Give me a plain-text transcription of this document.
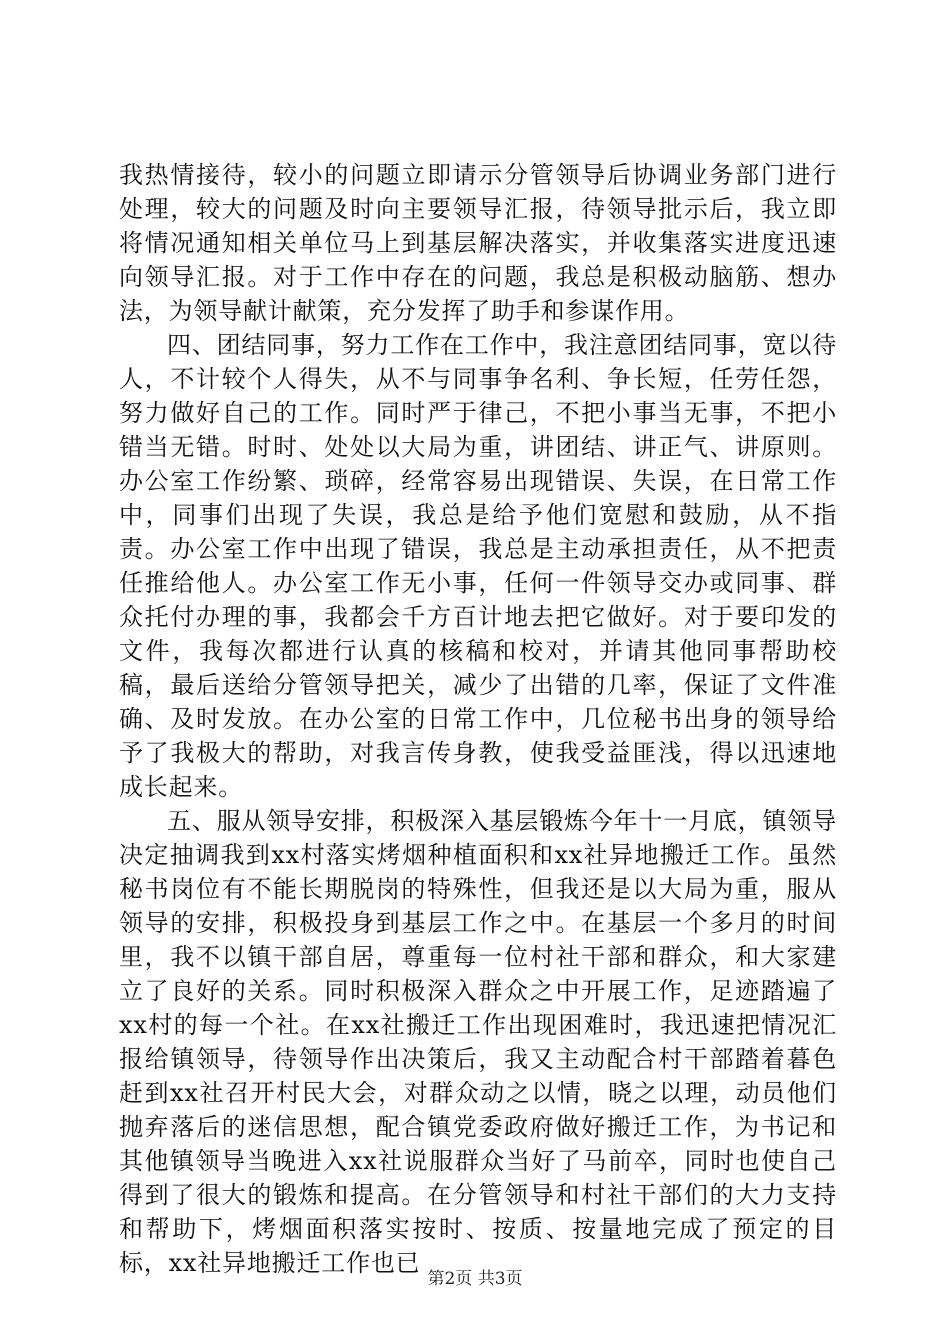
我热情接待，较小的问题立即请示分管领导后协调业务部门进行处理，较大的问题及时向主要领导汇报，待领导批示后，我立即将情况通知相关单位马上到基层解决落实，并收集落实进度迅速向领导汇报。对于工作中存在的问题，我总是积极动脑筋、想办法，为领导献计献策，充分发挥了助手和参谋作用。

四、团结同事，努力工作在工作中，我注意团结同事，宽以待人，不计较个人得失，从不与同事争名利、争长短，任劳任怨，努力做好自己的工作。同时严于律己，不把小事当无事，不把小错当无错。时时、处处以大局为重，讲团结、讲正气、讲原则。办公室工作纷繁、琐碎，经常容易出现错误、失误，在日常工作中，同事们出现了失误，我总是给予他们宽慰和鼓励，从不指责。办公室工作中出现了错误，我总是主动承担责任，从不把责任推给他人。办公室工作无小事，任何一件领导交办或同事、群众托付办理的事，我都会千方百计地去把它做好。对于要印发的文件，我每次都进行认真的核稿和校对，并请其他同事帮助校稿，最后送给分管领导把关，减少了出错的几率，保证了文件准确、及时发放。在办公室的日常工作中，几位秘书出身的领导给予了我极大的帮助，对我言传身教，使我受益匪浅，得以迅速地成长起来。

五、服从领导安排，积极深入基层锻炼今年十一月底，镇领导决定抽调我到xx村落实烤烟种植面积和xx社异地搬迁工作。虽然秘书岗位有不能长期脱岗的特殊性，但我还是以大局为重，服从领导的安排，积极投身到基层工作之中。在基层一个多月的时间里，我不以镇干部自居，尊重每一位村社干部和群众，和大家建立了良好的关系。同时积极深入群众之中开展工作，足迹踏遍了xx村的每一个社。在xx社搬迁工作出现困难时，我迅速把情况汇报给镇领导，待领导作出决策后，我又主动配合村干部踏着暮色赶到xx社召开村民大会，对群众动之以情，晓之以理，动员他们抛弃落后的迷信思想，配合镇党委政府做好搬迁工作，为书记和其他镇领导当晚进入xx社说服群众当好了马前卒，同时也使自己得到了很大的锻炼和提高。在分管领导和村社干部们的大力支持和帮助下，烤烟面积落实按时、按质、按量地完成了预定的目标，xx社异地搬迁工作也已

第2页 共3页
